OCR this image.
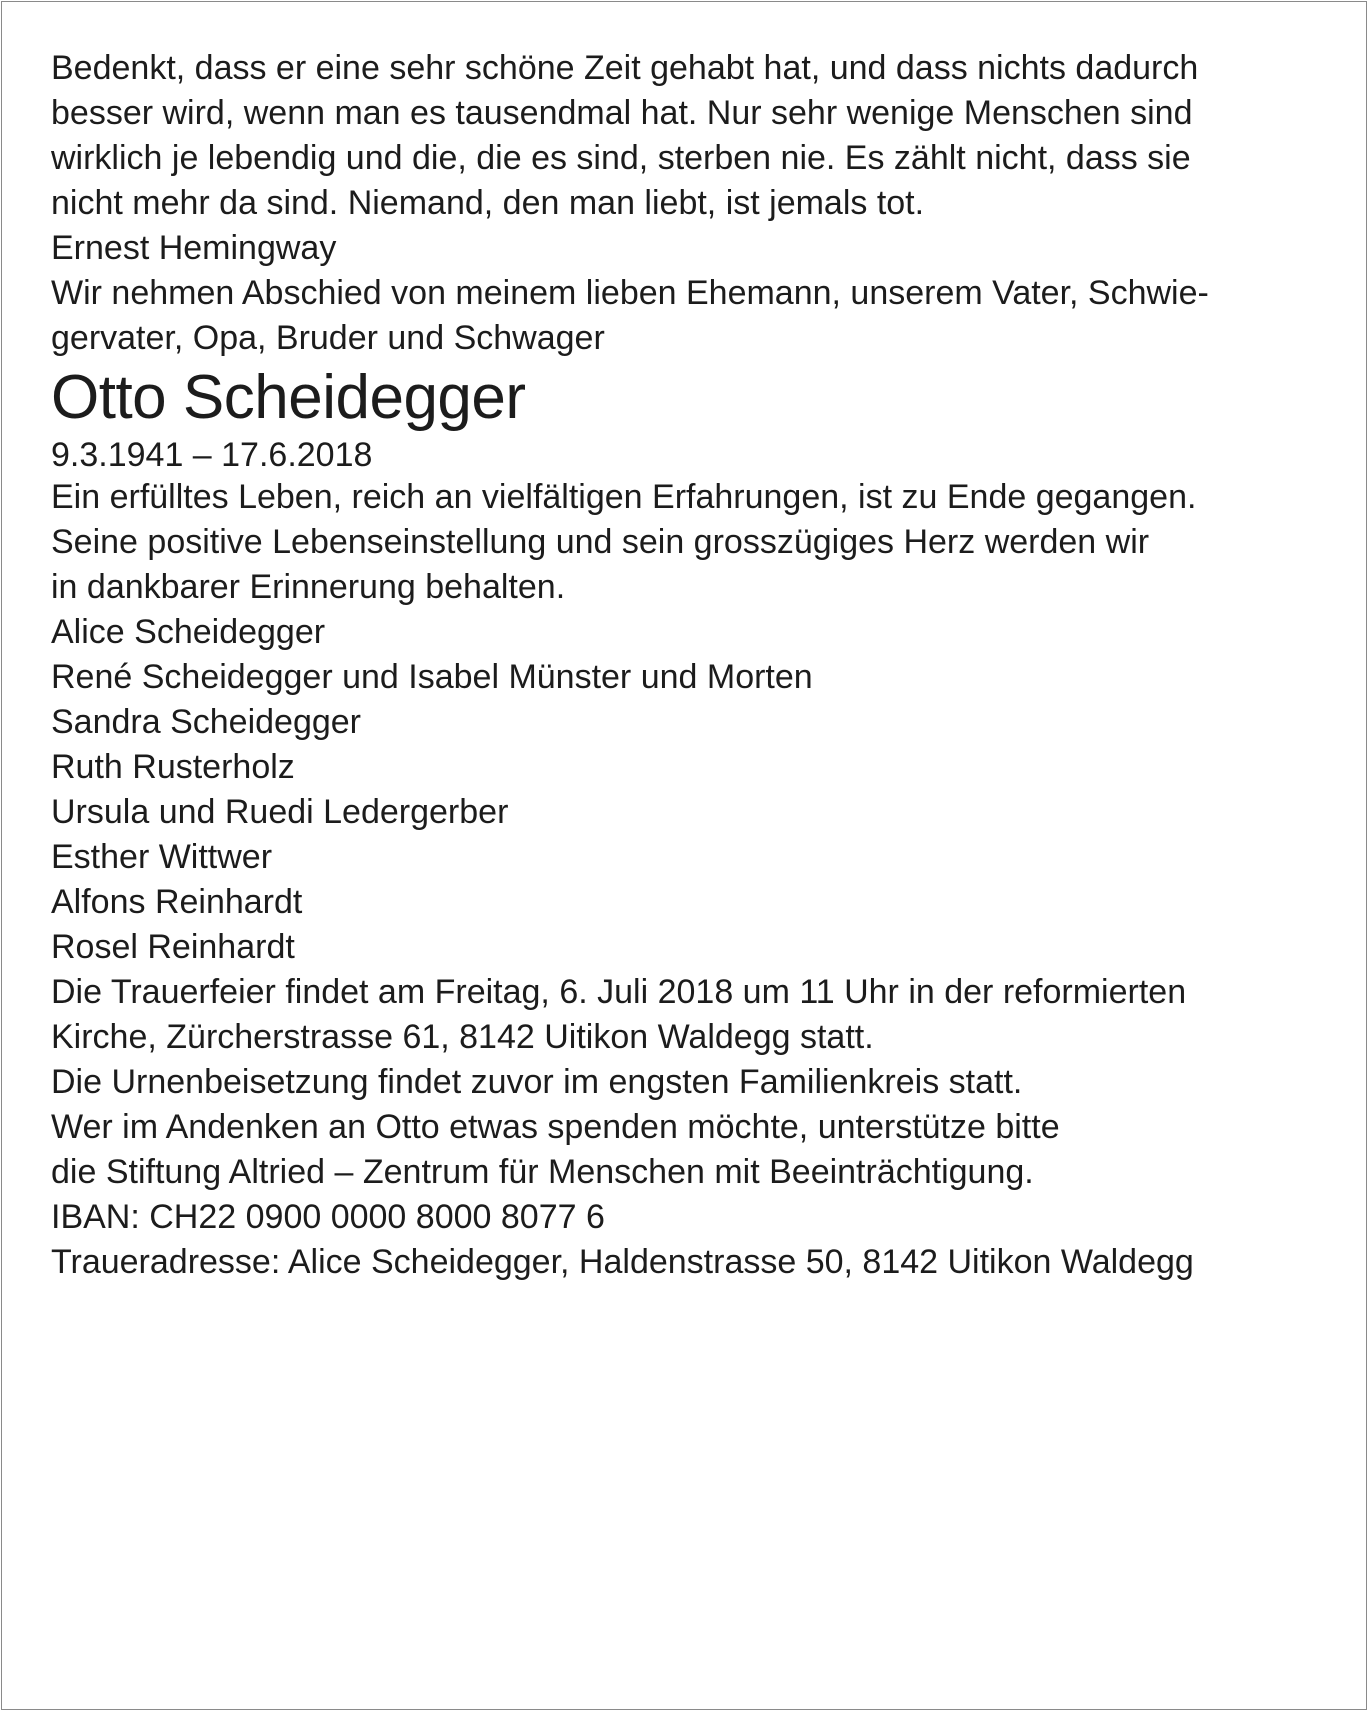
Bedenkt, dass er eine sehr schöne Zeit gehabt hat, und dass nichts dadurch
besser wird, wenn man es tausendmal hat. Nur sehr wenige Menschen sind
wirklich je lebendig und die, die es sind, sterben nie. Es zählt nicht, dass sie
nicht mehr da sind. Niemand, den man liebt, ist jemals tot.

Ernest Hemingway

Wir nehmen Abschied von meinem lieben Ehemann, unserem Vater, Schwie-
gervater, Opa, Bruder und Schwager

Otto Scheidegger

9.3.1941 – 17.6.2018

Ein erfülltes Leben, reich an vielfältigen Erfahrungen, ist zu Ende gegangen.
Seine positive Lebenseinstellung und sein grosszügiges Herz werden wir
in dankbarer Erinnerung behalten.

Alice Scheidegger
René Scheidegger und Isabel Münster und Morten
Sandra Scheidegger
Ruth Rusterholz
Ursula und Ruedi Ledergerber
Esther Wittwer
Alfons Reinhardt
Rosel Reinhardt

Die Trauerfeier findet am Freitag, 6. Juli 2018 um 11 Uhr in der reformierten
Kirche, Zürcherstrasse 61, 8142 Uitikon Waldegg statt.

Die Urnenbeisetzung findet zuvor im engsten Familienkreis statt.

Wer im Andenken an Otto etwas spenden möchte, unterstütze bitte
die Stiftung Altried – Zentrum für Menschen mit Beeinträchtigung.
IBAN: CH22 0900 0000 8000 8077 6

Traueradresse: Alice Scheidegger, Haldenstrasse 50, 8142 Uitikon Waldegg
